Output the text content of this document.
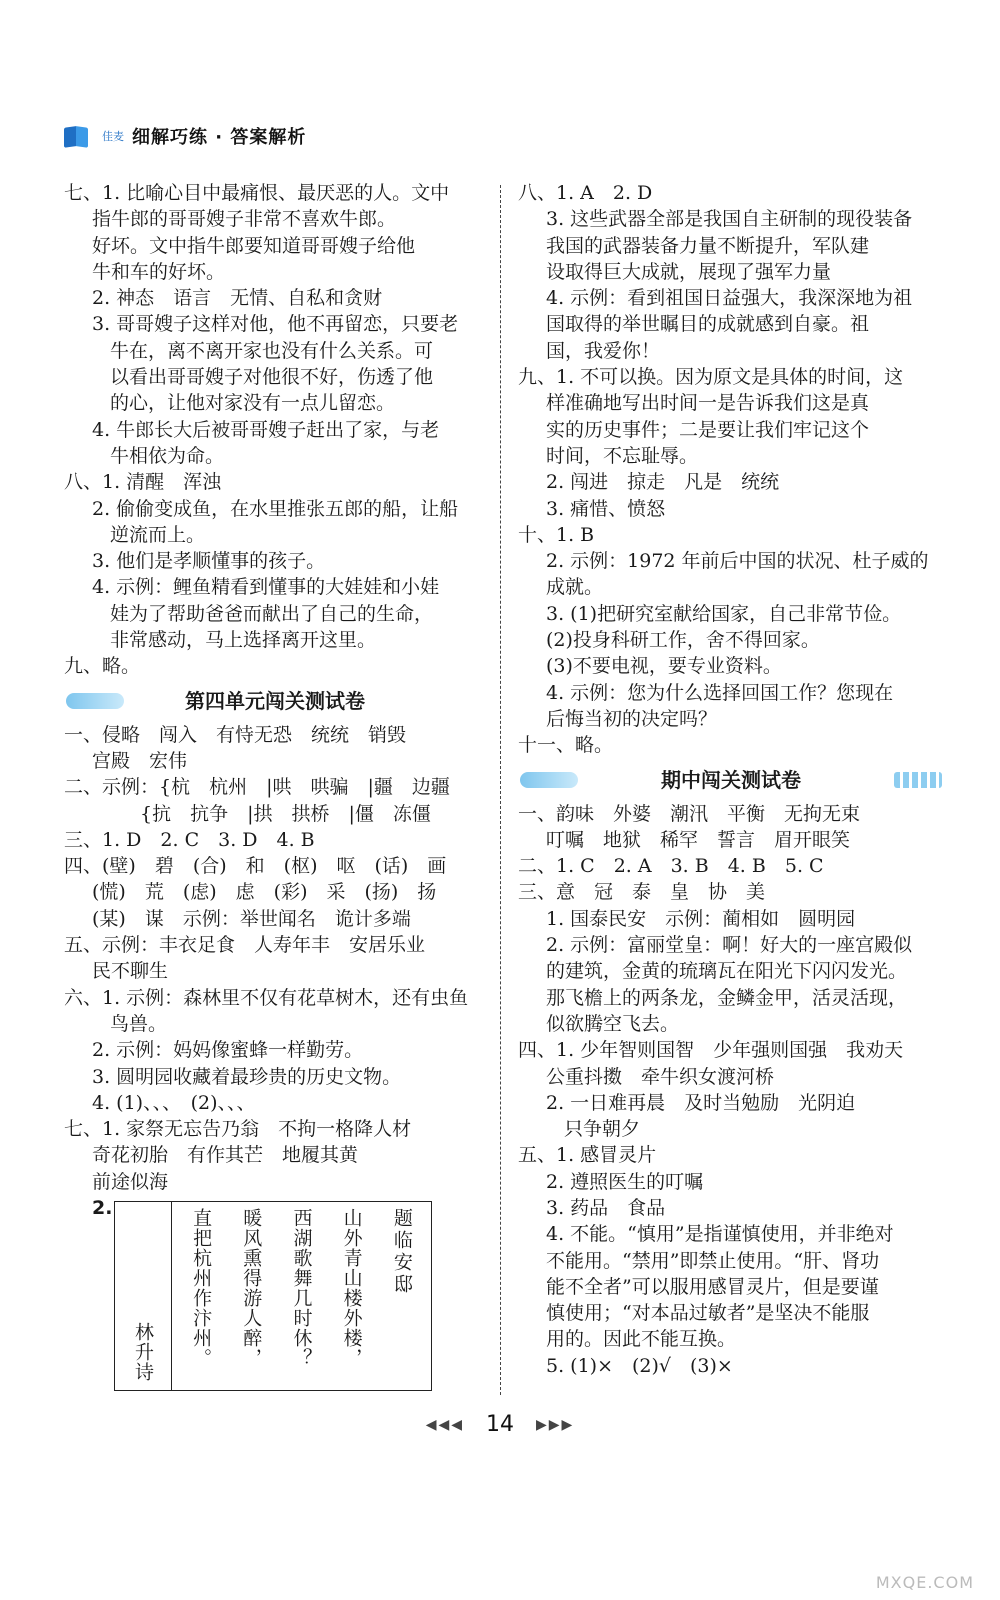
佳麦 细解巧练 · 答案解析
七、1. 比喻心目中最痛恨、最厌恶的人。文中
指牛郎的哥哥嫂子非常不喜欢牛郎。
好坏。文中指牛郎要知道哥哥嫂子给他
牛和车的好坏。
2. 神态　语言　无情、自私和贪财
3. 哥哥嫂子这样对他，他不再留恋，只要老
牛在，离不离开家也没有什么关系。可
以看出哥哥嫂子对他很不好，伤透了他
的心，让他对家没有一点儿留恋。
4. 牛郎长大后被哥哥嫂子赶出了家，与老
牛相依为命。
八、1. 清醒　浑浊
2. 偷偷变成鱼，在水里推张五郎的船，让船
逆流而上。
3. 他们是孝顺懂事的孩子。
4. 示例：鲤鱼精看到懂事的大娃娃和小娃
娃为了帮助爸爸而献出了自己的生命，
非常感动，马上选择离开这里。
九、略。
第四单元闯关测试卷
一、侵略　闯入　有恃无恐　统统　销毁
宫殿　宏伟
二、示例：{杭　杭州　|哄　哄骗　|疆　边疆
　　　　{抗　抗争　|拱　拱桥　|僵　冻僵
三、1. D　2. C　3. D　4. B
四、(壁)　碧　(合)　和　(枢)　呕　(话)　画
(慌)　荒　(虑)　虑　(彩)　采　(扬)　扬
(某)　谋　示例：举世闻名　诡计多端
五、示例：丰衣足食　人寿年丰　安居乐业
民不聊生
六、1. 示例：森林里不仅有花草树木，还有虫鱼
鸟兽。
2. 示例：妈妈像蜜蜂一样勤劳。
3. 圆明园收藏着最珍贵的历史文物。
4. (1)、、、　(2)、、、
七、1. 家祭无忘告乃翁　不拘一格降人材
奇花初胎　有作其芒　地履其黄
前途似海
2.
林升诗 直把杭州作汴州。 暖风熏得游人醉， 西湖歌舞几时休？ 山外青山楼外楼， 题临安邸
八、1. A　2. D
3. 这些武器全部是我国自主研制的现役装备
我国的武器装备力量不断提升，军队建
设取得巨大成就，展现了强军力量
4. 示例：看到祖国日益强大，我深深地为祖
国取得的举世瞩目的成就感到自豪。祖
国，我爱你！
九、1. 不可以换。因为原文是具体的时间，这
样准确地写出时间一是告诉我们这是真
实的历史事件；二是要让我们牢记这个
时间，不忘耻辱。
2. 闯进　掠走　凡是　统统
3. 痛惜、愤怒
十、1. B
2. 示例：1972 年前后中国的状况、杜子威的
成就。
3. (1)把研究室献给国家，自己非常节俭。
(2)投身科研工作，舍不得回家。
(3)不要电视，要专业资料。
4. 示例：您为什么选择回国工作？您现在
后悔当初的决定吗？
十一、略。
期中闯关测试卷
一、韵味　外婆　潮汛　平衡　无拘无束
叮嘱　地狱　稀罕　誓言　眉开眼笑
二、1. C　2. A　3. B　4. B　5. C
三、意　冠　泰　皇　协　美
1. 国泰民安　示例：蔺相如　圆明园
2. 示例：富丽堂皇：啊！好大的一座宫殿似
的建筑，金黄的琉璃瓦在阳光下闪闪发光。
那飞檐上的两条龙，金鳞金甲，活灵活现，
似欲腾空飞去。
四、1. 少年智则国智　少年强则国强　我劝天
公重抖擞　牵牛织女渡河桥
2. 一日难再晨　及时当勉励　光阴迫
只争朝夕
五、1. 感冒灵片
2. 遵照医生的叮嘱
3. 药品　食品
4. 不能。“慎用”是指谨慎使用，并非绝对
不能用。“禁用”即禁止使用。“肝、肾功
能不全者”可以服用感冒灵片，但是要谨
慎使用；“对本品过敏者”是坚决不能服
用的。因此不能互换。
5. (1)×　(2)√　(3)×
◀◀◀ 14 ▶▶▶
MXQE.COM
